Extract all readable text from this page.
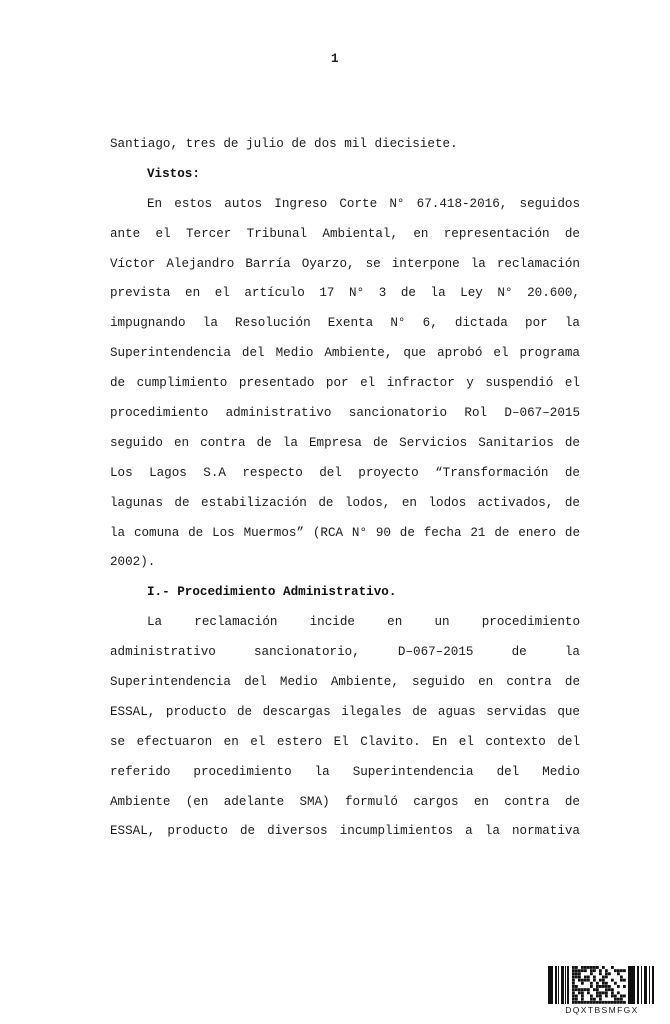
1
Santiago, tres de julio de dos mil diecisiete.
Vistos:
En estos autos Ingreso Corte N° 67.418-2016, seguidos
ante el Tercer Tribunal Ambiental, en representación de
Víctor Alejandro Barría Oyarzo, se interpone la reclamación
prevista en el artículo 17 N° 3 de la Ley N° 20.600,
impugnando la Resolución Exenta N° 6, dictada por la
Superintendencia del Medio Ambiente, que aprobó el programa
de cumplimiento presentado por el infractor y suspendió el
procedimiento administrativo sancionatorio Rol D–067–2015
seguido en contra de la Empresa de Servicios Sanitarios de
Los Lagos S.A respecto del proyecto “Transformación de
lagunas de estabilización de lodos, en lodos activados, de
la comuna de Los Muermos” (RCA N° 90 de fecha 21 de enero de
2002).
I.- Procedimiento Administrativo.
La reclamación incide en un procedimiento
administrativo sancionatorio, D–067–2015 de la
Superintendencia del Medio Ambiente, seguido en contra de
ESSAL, producto de descargas ilegales de aguas servidas que
se efectuaron en el estero El Clavito. En el contexto del
referido procedimiento la Superintendencia del Medio
Ambiente (en adelante SMA) formuló cargos en contra de
ESSAL, producto de diversos incumplimientos a la normativa
DQXTBSMFGX
